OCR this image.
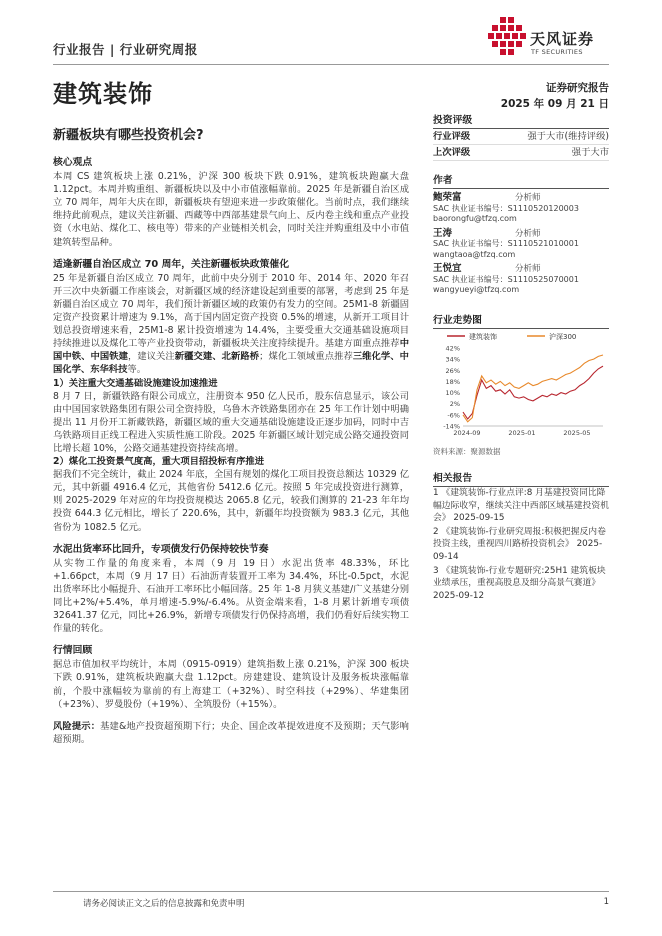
行业报告 | 行业研究周报
天风证券
TF SECURITIES
建筑装饰	证券研究报告
2025 年 09 月 21 日
新疆板块有哪些投资机会?
核心观点
本周 CS 建筑板块上涨 0.21%，沪深 300 板块下跌 0.91%，建筑板块跑赢大盘 1.12pct。本周并购重组、新疆板块以及中小市值涨幅靠前。2025 年是新疆自治区成立 70 周年，周年大庆在即，新疆板块有望迎来进一步政策催化。当前时点，我们继续维持此前观点，建议关注新疆、西藏等中西部基建景气向上、反内卷主线和重点产业投资（水电站、煤化工、核电等）带来的产业链相关机会，同时关注并购重组及中小市值建筑转型品种。
适逢新疆自治区成立 70 周年，关注新疆板块政策催化
25 年是新疆自治区成立 70 周年，此前中央分别于 2010 年、2014 年、2020 年召开三次中央新疆工作座谈会，对新疆区域的经济建设起到重要的部署，考虑到 25 年是新疆自治区成立 70 周年，我们预计新疆区域的政策仍有发力的空间。25M1-8 新疆固定资产投资累计增速为 9.1%，高于国内固定资产投资 0.5%的增速，从新开工项目计划总投资增速来看，25M1-8 累计投资增速为 14.4%，主要受重大交通基础设施项目持续推进以及煤化工等产业投资带动，新疆板块关注度持续提升。基建方面重点推荐中国中铁、中国铁建，建议关注新疆交建、北新路桥；煤化工领域重点推荐三维化学、中国化学、东华科技等。
1）关注重大交通基础设施建设加速推进
8 月 7 日，新疆铁路有限公司成立，注册资本 950 亿人民币，股东信息显示，该公司由中国国家铁路集团有限公司全资持股，乌鲁木齐铁路集团亦在 25 年工作计划中明确提出 11 月份开工新藏铁路，新疆区域的重大交通基础设施建设正逐步加码，同时中吉乌铁路项目正线工程进入实质性施工阶段。2025 年新疆区域计划完成公路交通投资同比增长超 10%，公路交通基建投资持续高增。
2）煤化工投资景气度高，重大项目招投标有序推进
据我们不完全统计，截止 2024 年底，全国有规划的煤化工项目投资总额达 10329 亿元，其中新疆 4916.4 亿元，其他省份 5412.6 亿元。按照 5 年完成投资进行测算，则 2025-2029 年对应的年均投资规模达 2065.8 亿元，较我们测算的 21-23 年年均投资 644.3 亿元相比，增长了 220.6%，其中，新疆年均投资额为 983.3 亿元，其他省份为 1082.5 亿元。
水泥出货率环比回升，专项债发行仍保持较快节奏
从实物工作量的角度来看，本周（9 月 19 日）水泥出货率 48.33%，环比+1.66pct，本周（9 月 17 日）石油沥青装置开工率为 34.4%，环比-0.5pct，水泥出货率环比小幅提升、石油开工率环比小幅回落。25 年 1-8 月狭义基建/广义基建分别同比+2%/+5.4%，单月增速-5.9%/-6.4%。从资金端来看，1-8 月累计新增专项债 32641.37 亿元，同比+26.9%，新增专项债发行仍保持高增，我们仍看好后续实物工作量的转化。
行情回顾
据总市值加权平均统计，本周（0915-0919）建筑指数上涨 0.21%，沪深 300 板块下跌 0.91%，建筑板块跑赢大盘 1.12pct。房建建设、建筑设计及服务板块涨幅靠前，个股中涨幅较为靠前的有上海建工（+32%）、时空科技（+29%）、华建集团（+23%）、罗曼股份（+19%）、全筑股份（+15%）。
风险提示：基建&地产投资超预期下行；央企、国企改革提效进度不及预期；天气影响超预期。
投资评级
行业评级	强于大市(维持评级)
上次评级	强于大市
作者
鲍荣富	分析师
SAC 执业证书编号：S1110520120003
baorongfu@tfzq.com
王涛	分析师
SAC 执业证书编号：S1110521010001
wangtaoa@tfzq.com
王悦宜	分析师
SAC 执业证书编号：S1110525070001
wangyueyi@tfzq.com
行业走势图
建筑装饰	沪深300
42%
34%
26%
18%
10%
2%
-6%
-14%
2024-09	2025-01	2025-05
资料来源：聚源数据
相关报告
1 《建筑装饰-行业点评:8 月基建投资同比降幅边际收窄，继续关注中西部区域基建投资机会》 2025-09-15
2 《建筑装饰-行业研究周报:积极把握反内卷投资主线，重视四川路桥投资机会》 2025-09-14
3 《建筑装饰-行业专题研究:25H1 建筑板块业绩承压，重视高股息及细分高景气赛道》 2025-09-12
请务必阅读正文之后的信息披露和免责申明	1
